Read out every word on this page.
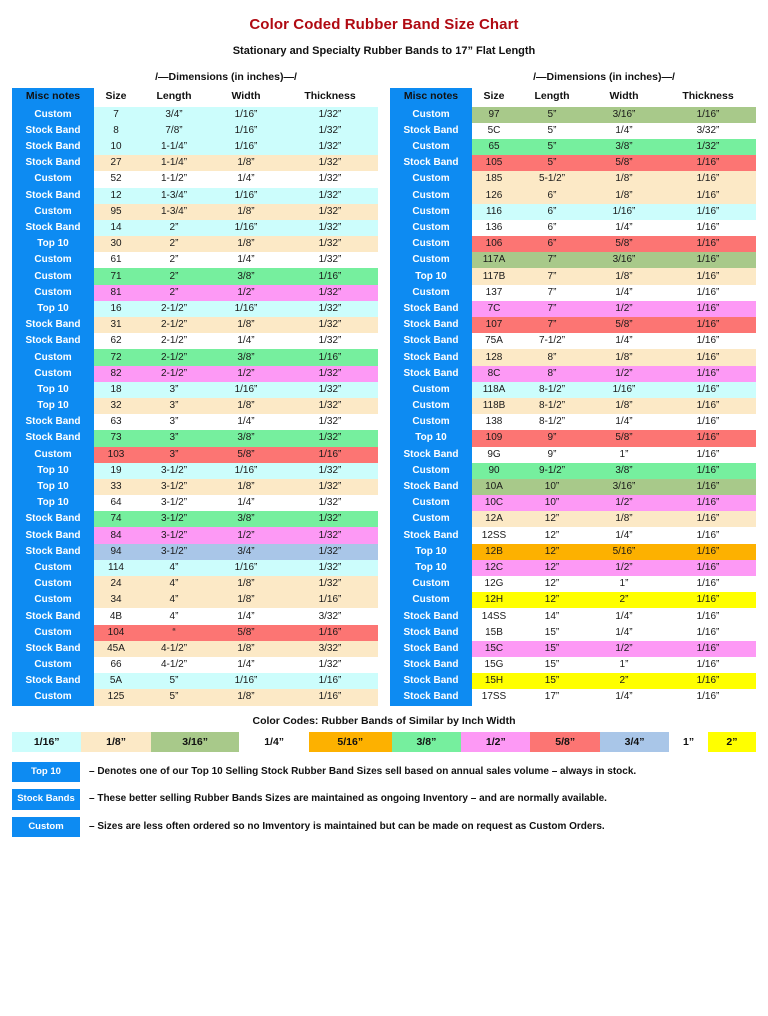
Color Coded Rubber Band Size Chart
Stationary and Specialty Rubber Bands to 17” Flat Length
/—Dimensions (in inches)—/
Misc notes	Size	Length	Width	Thickness
Custom	7	3/4”	1/16”	1/32”
Stock Band	8	7/8”	1/16”	1/32”
Stock Band	10	1-1/4”	1/16”	1/32”
Stock Band	27	1-1/4”	1/8”	1/32”
Custom	52	1-1/2”	1/4”	1/32”
Stock Band	12	1-3/4”	1/16”	1/32”
Custom	95	1-3/4”	1/8”	1/32”
Stock Band	14	2”	1/16”	1/32”
Top 10	30	2”	1/8”	1/32”
Custom	61	2”	1/4”	1/32”
Custom	71	2”	3/8”	1/16”
Custom	81	2”	1/2”	1/32”
Top 10	16	2-1/2”	1/16”	1/32”
Stock Band	31	2-1/2”	1/8”	1/32”
Stock Band	62	2-1/2”	1/4”	1/32”
Custom	72	2-1/2”	3/8”	1/16”
Custom	82	2-1/2”	1/2”	1/32”
Top 10	18	3”	1/16”	1/32”
Top 10	32	3”	1/8”	1/32”
Stock Band	63	3”	1/4”	1/32”
Stock Band	73	3”	3/8”	1/32”
Custom	103	3”	5/8”	1/16”
Top 10	19	3-1/2”	1/16”	1/32”
Top 10	33	3-1/2”	1/8”	1/32”
Top 10	64	3-1/2”	1/4”	1/32”
Stock Band	74	3-1/2”	3/8”	1/32”
Stock Band	84	3-1/2”	1/2”	1/32”
Stock Band	94	3-1/2”	3/4”	1/32”
Custom	114	4”	1/16”	1/32”
Custom	24	4”	1/8”	1/32”
Custom	34	4”	1/8”	1/16”
Stock Band	4B	4”	1/4”	3/32”
Custom	104	“	5/8”	1/16”
Stock Band	45A	4-1/2”	1/8”	3/32”
Custom	66	4-1/2”	1/4”	1/32”
Stock Band	5A	5”	1/16”	1/16”
Custom	125	5”	1/8”	1/16”
/—Dimensions (in inches)—/
Misc notes	Size	Length	Width	Thickness
Custom	97	5”	3/16”	1/16”
Stock Band	5C	5”	1/4”	3/32”
Custom	65	5”	3/8”	1/32”
Stock Band	105	5”	5/8”	1/16”
Custom	185	5-1/2”	1/8”	1/16”
Custom	126	6”	1/8”	1/16”
Custom	116	6”	1/16”	1/16”
Custom	136	6”	1/4”	1/16”
Custom	106	6”	5/8”	1/16”
Custom	117A	7”	3/16”	1/16”
Top 10	117B	7”	1/8”	1/16”
Custom	137	7”	1/4”	1/16”
Stock Band	7C	7”	1/2”	1/16”
Stock Band	107	7”	5/8”	1/16”
Stock Band	75A	7-1/2”	1/4”	1/16”
Stock Band	128	8”	1/8”	1/16”
Stock Band	8C	8”	1/2”	1/16”
Custom	118A	8-1/2”	1/16”	1/16”
Custom	118B	8-1/2”	1/8”	1/16”
Custom	138	8-1/2”	1/4”	1/16”
Top 10	109	9”	5/8”	1/16”
Stock Band	9G	9”	1”	1/16”
Custom	90	9-1/2”	3/8”	1/16”
Stock Band	10A	10”	3/16”	1/16”
Custom	10C	10”	1/2”	1/16”
Custom	12A	12”	1/8”	1/16”
Stock Band	12SS	12”	1/4”	1/16”
Top 10	12B	12”	5/16”	1/16”
Top 10	12C	12”	1/2”	1/16”
Custom	12G	12”	1”	1/16”
Custom	12H	12”	2”	1/16”
Stock Band	14SS	14”	1/4”	1/16”
Stock Band	15B	15”	1/4”	1/16”
Stock Band	15C	15”	1/2”	1/16”
Stock Band	15G	15”	1”	1/16”
Stock Band	15H	15”	2”	1/16”
Stock Band	17SS	17”	1/4”	1/16”
Color Codes: Rubber Bands of Similar by Inch Width
1/16”	1/8”	3/16”	1/4”	5/16”	3/8”	1/2”	5/8”	3/4”	1”	2”
Top 10	– Denotes one of our Top 10 Selling Stock Rubber Band Sizes sell based on annual sales volume – always in stock.
Stock Bands	– These better selling Rubber Bands Sizes are maintained as ongoing Inventory – and are normally available.
Custom	– Sizes are less often ordered so no Imventory is maintained but can be made on request as Custom Orders.
